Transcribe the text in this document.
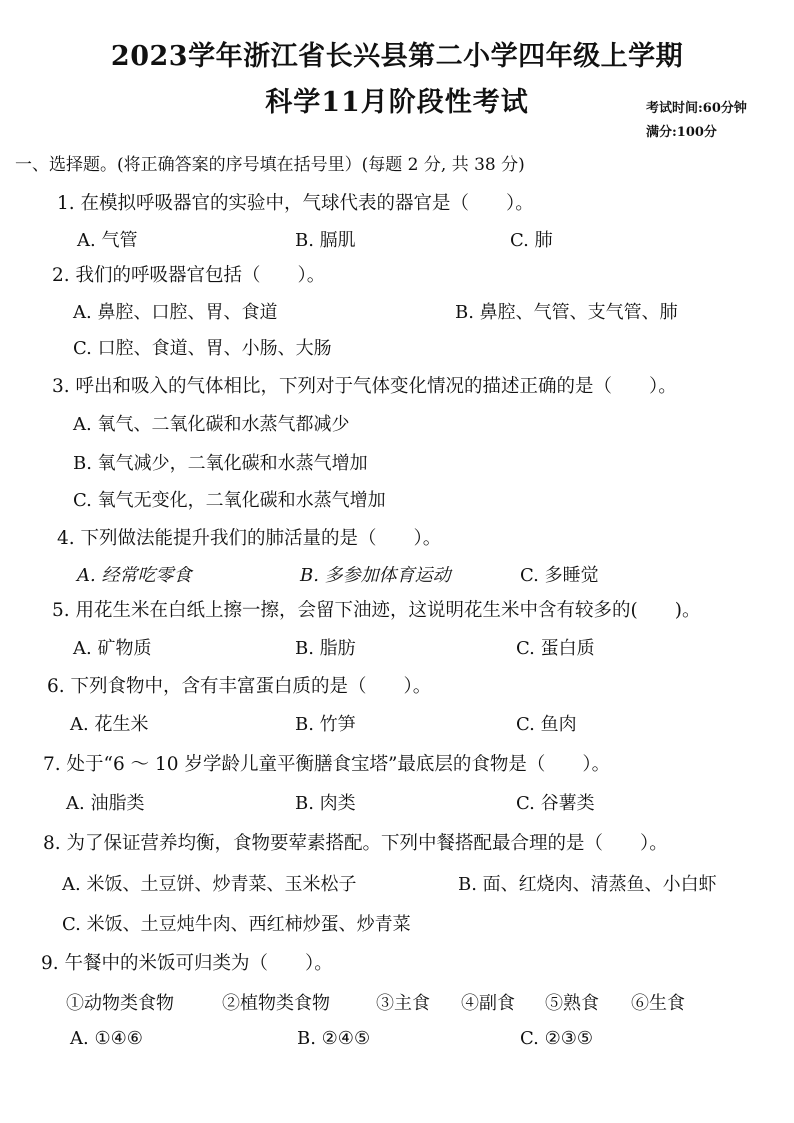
2023学年浙江省长兴县第二小学四年级上学期
科学11月阶段性考试	考试时间:60分钟
满分:100分
一、选择题。(将正确答案的序号填在括号里）(每题 2 分, 共 38 分)
1. 在模拟呼吸器官的实验中，气球代表的器官是（　　）。
A. 气管	B. 膈肌	C. 肺
2. 我们的呼吸器官包括（　　）。
A. 鼻腔、口腔、胃、食道	B. 鼻腔、气管、支气管、肺
C. 口腔、食道、胃、小肠、大肠
3. 呼出和吸入的气体相比，下列对于气体变化情况的描述正确的是（　　）。
A. 氧气、二氧化碳和水蒸气都减少
B. 氧气减少，二氧化碳和水蒸气增加
C. 氧气无变化，二氧化碳和水蒸气增加
4. 下列做法能提升我们的肺活量的是（　　）。
A. 经常吃零食	B. 多参加体育运动	C. 多睡觉
5. 用花生米在白纸上擦一擦，会留下油迹，这说明花生米中含有较多的(　　)。
A. 矿物质	B. 脂肪	C. 蛋白质
6. 下列食物中，含有丰富蛋白质的是（　　）。
A. 花生米	B. 竹笋	C. 鱼肉
7. 处于“6 ～ 10 岁学龄儿童平衡膳食宝塔”最底层的食物是（　　）。
A. 油脂类	B. 肉类	C. 谷薯类
8. 为了保证营养均衡，食物要荤素搭配。下列中餐搭配最合理的是（　　）。
A. 米饭、土豆饼、炒青菜、玉米松子	B. 面、红烧肉、清蒸鱼、小白虾
C. 米饭、土豆炖牛肉、西红柿炒蛋、炒青菜
9. 午餐中的米饭可归类为（　　）。
①动物类食物	②植物类食物	③主食 ④副食 ⑤熟食 ⑥生食
A. ①④⑥	B. ②④⑤	C. ②③⑤
